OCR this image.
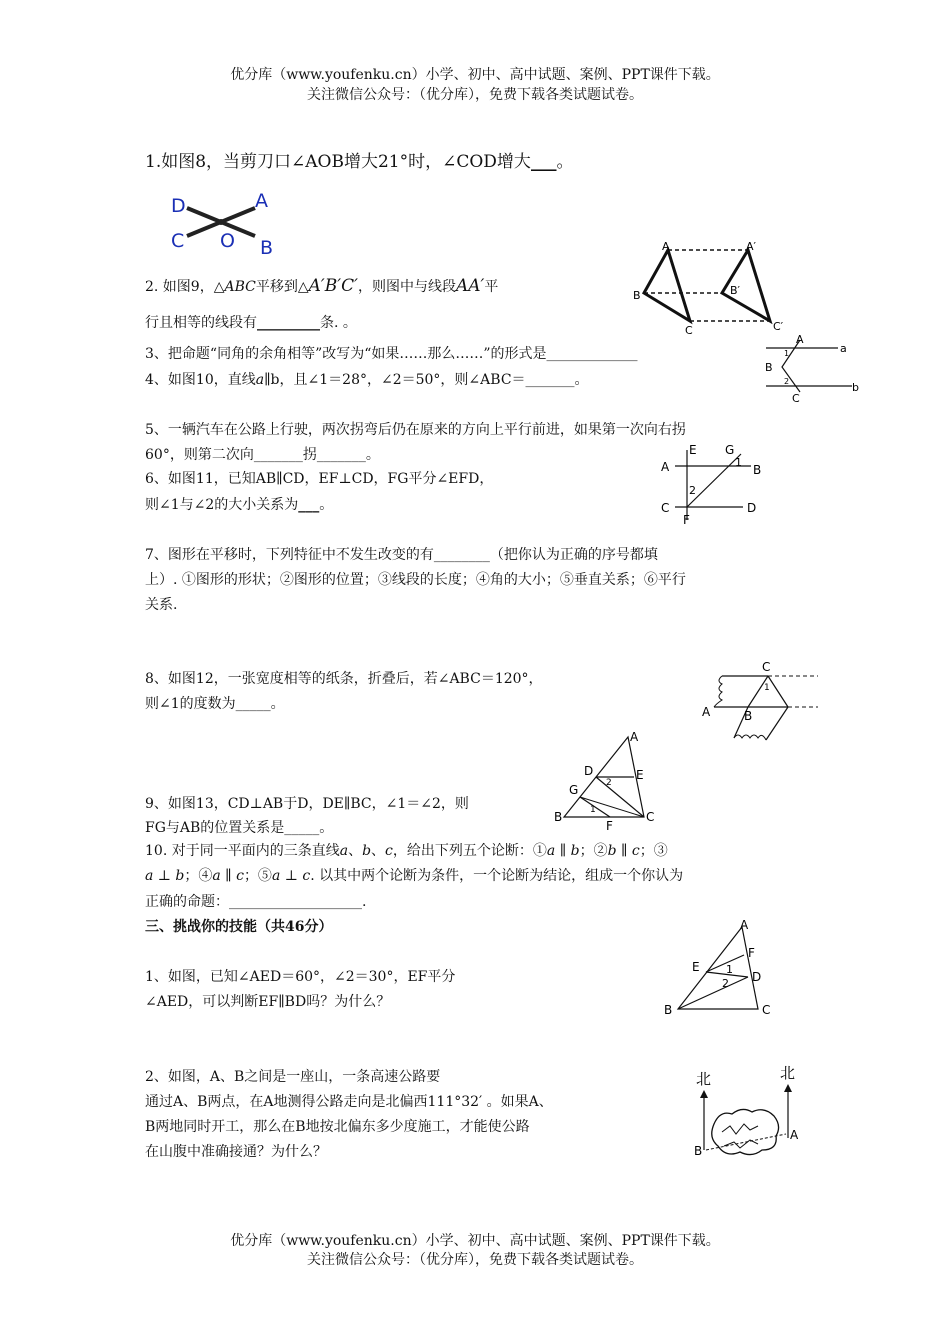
优分库（www.youfenku.cn）小学、初中、高中试题、案例、PPT课件下载。
关注微信公众号：（优分库），免费下载各类试题试卷。
1.如图8，当剪刀口∠AOB增大21°时，∠COD增大___。
D	A
C O B
2. 如图9，△ABC平移到△A′B′C′，则图中与线段AA′平
行且相等的线段有_________条. 。
A	A′
B	B′
C	C′
3、把命题“同角的余角相等”改写为“如果……那么……”的形式是_____________
A
a
B
1
2
C
b
4、如图10，直线a∥b，且∠1＝28°，∠2＝50°，则∠ABC＝_______。
5、一辆汽车在公路上行驶，两次拐弯后仍在原来的方向上平行前进，如果第一次向右拐
60°，则第二次向_______拐_______。
6、如图11，已知AB∥CD，EF⊥CD，FG平分∠EFD，
则∠1与∠2的大小关系为___。
A	B
C	D
E
F
G
1
2
7、图形在平移时，下列特征中不发生改变的有________（把你认为正确的序号都填
上）. ①图形的形状；②图形的位置；③线段的长度；④角的大小；⑤垂直关系；⑥平行
关系.
8、如图12，一张宽度相等的纸条，折叠后，若∠ABC＝120°，
则∠1的度数为_____。
C
1
A	B
A
D	E
G
B	C
F
2
1
9、如图13，CD⊥AB于D，DE∥BC，∠1＝∠2，则
FG与AB的位置关系是_____。
10. 对于同一平面内的三条直线a、b、c，给出下列五个论断：①a ∥ b；②b ∥ c；③
a ⊥ b；④a ∥ c；⑤a ⊥ c. 以其中两个论断为条件，一个论断为结论，组成一个你认为
正确的命题：___________________.
三、挑战你的技能（共46分）
1、如图，已知∠AED＝60°，∠2＝30°，EF平分
∠AED，可以判断EF∥BD吗？为什么？
A
F
E
D
1
2
B	C
2、如图，A、B之间是一座山，一条高速公路要
通过A、B两点，在A地测得公路走向是北偏西111°32′ 。如果A、
B两地同时开工，那么在B地按北偏东多少度施工，才能使公路
在山腹中准确接通？为什么？
北	北
A
B
优分库（www.youfenku.cn）小学、初中、高中试题、案例、PPT课件下载。
关注微信公众号：（优分库），免费下载各类试题试卷。
